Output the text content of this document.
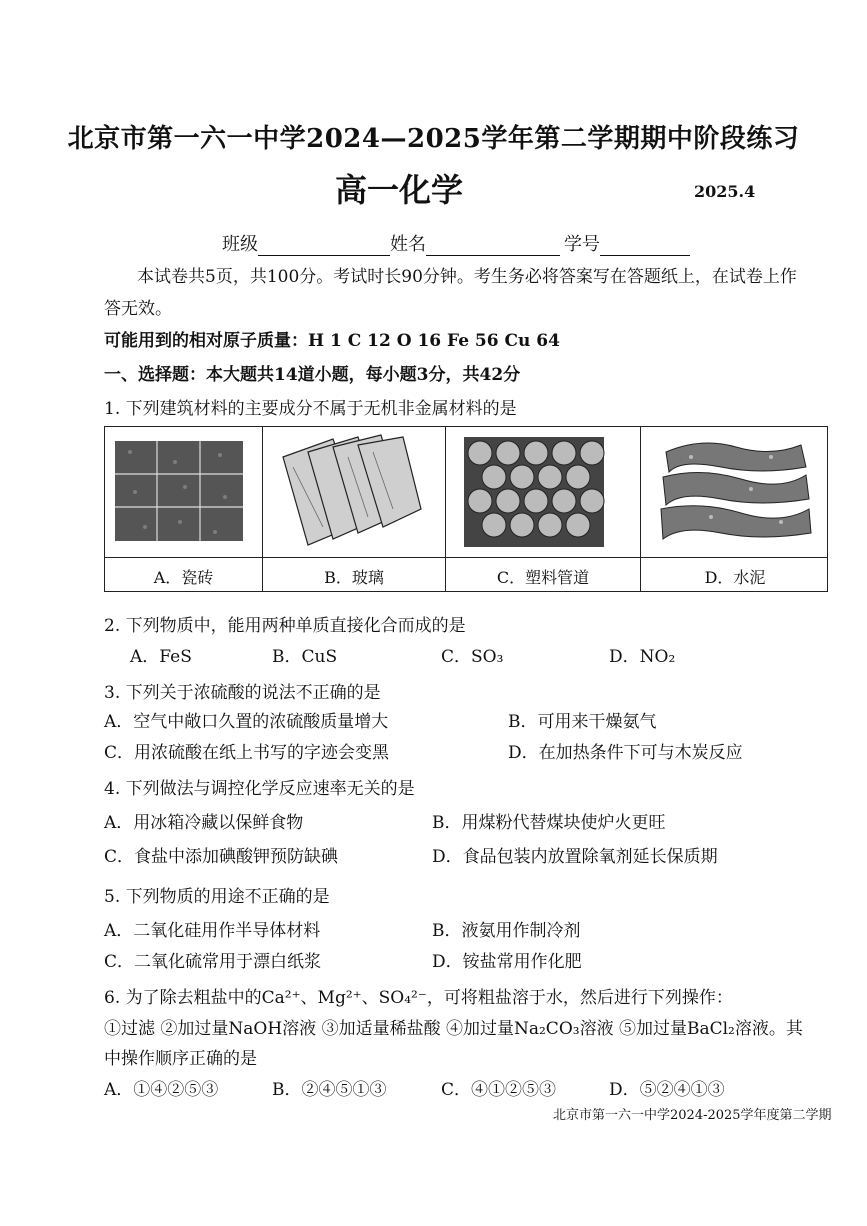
北京市第一六一中学2024—2025学年第二学期期中阶段练习
高一化学	2025.4
班级	姓名	学号
本试卷共5页，共100分。考试时长90分钟。考生务必将答案写在答题纸上，在试卷上作
答无效。
可能用到的相对原子质量：H 1 C 12 O 16 Fe 56 Cu 64
一、选择题：本大题共14道小题，每小题3分，共42分
1. 下列建筑材料的主要成分不属于无机非金属材料的是
A．瓷砖	B．玻璃	C．塑料管道	D．水泥
2. 下列物质中，能用两种单质直接化合而成的是
A．FeS	B．CuS	C．SO₃	D．NO₂
3. 下列关于浓硫酸的说法不正确的是
A．空气中敞口久置的浓硫酸质量增大	B．可用来干燥氨气
C．用浓硫酸在纸上书写的字迹会变黑	D．在加热条件下可与木炭反应
4. 下列做法与调控化学反应速率无关的是
A．用冰箱冷藏以保鲜食物	B．用煤粉代替煤块使炉火更旺
C．食盐中添加碘酸钾预防缺碘	D．食品包装内放置除氧剂延长保质期
5. 下列物质的用途不正确的是
A．二氧化硅用作半导体材料	B．液氨用作制冷剂
C．二氧化硫常用于漂白纸浆	D．铵盐常用作化肥
6. 为了除去粗盐中的Ca²⁺、Mg²⁺、SO₄²⁻，可将粗盐溶于水，然后进行下列操作：
①过滤 ②加过量NaOH溶液 ③加适量稀盐酸 ④加过量Na₂CO₃溶液 ⑤加过量BaCl₂溶液。其
中操作顺序正确的是
A．①④②⑤③	B．②④⑤①③	C．④①②⑤③	D．⑤②④①③
北京市第一六一中学2024-2025学年度第二学期
